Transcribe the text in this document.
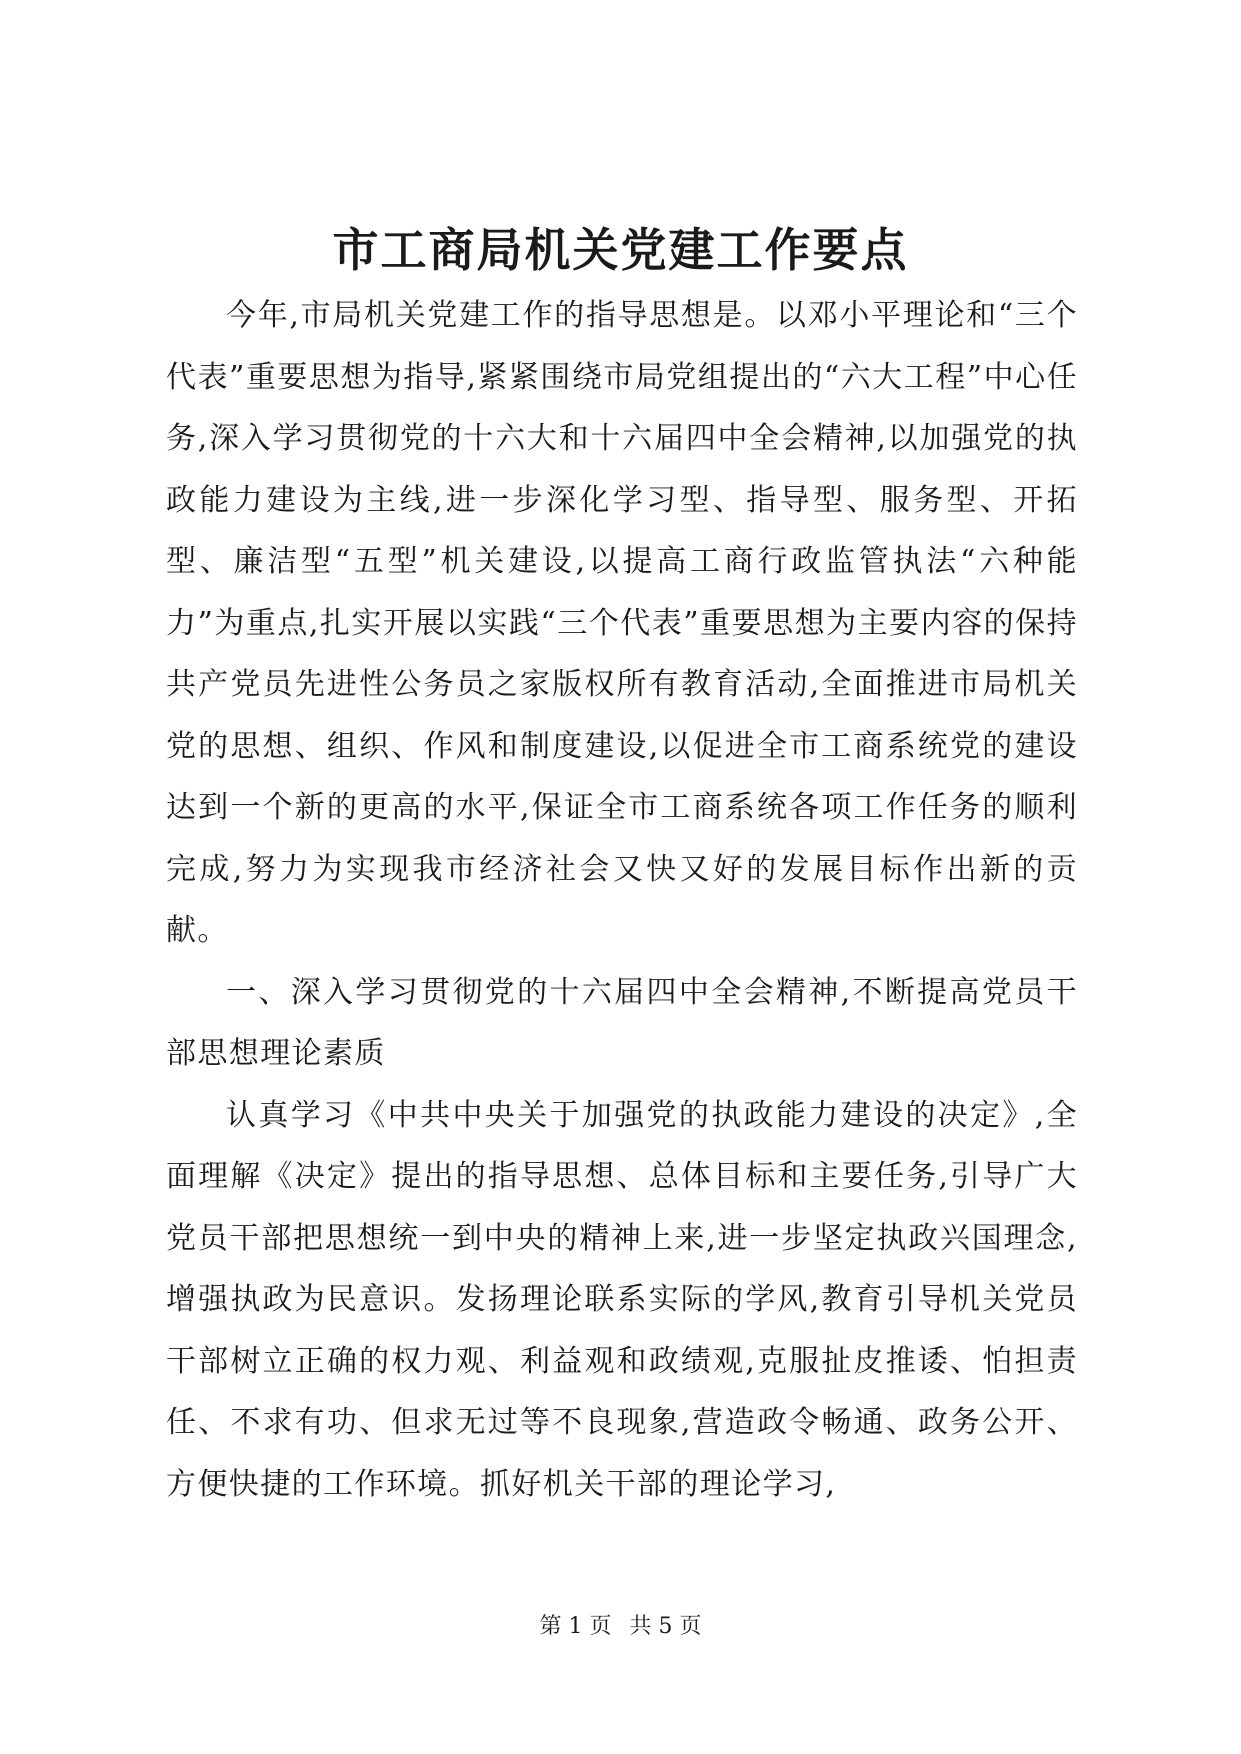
市工商局机关党建工作要点

今年,市局机关党建工作的指导思想是。以邓小平理论和“三个代表”重要思想为指导,紧紧围绕市局党组提出的“六大工程”中心任务,深入学习贯彻党的十六大和十六届四中全会精神,以加强党的执政能力建设为主线,进一步深化学习型、指导型、服务型、开拓型、廉洁型“五型”机关建设,以提高工商行政监管执法“六种能力”为重点,扎实开展以实践“三个代表”重要思想为主要内容的保持共产党员先进性公务员之家版权所有教育活动,全面推进市局机关党的思想、组织、作风和制度建设,以促进全市工商系统党的建设达到一个新的更高的水平,保证全市工商系统各项工作任务的顺利完成,努力为实现我市经济社会又快又好的发展目标作出新的贡献。

一、深入学习贯彻党的十六届四中全会精神,不断提高党员干部思想理论素质

认真学习《中共中央关于加强党的执政能力建设的决定》,全面理解《决定》提出的指导思想、总体目标和主要任务,引导广大党员干部把思想统一到中央的精神上来,进一步坚定执政兴国理念,增强执政为民意识。发扬理论联系实际的学风,教育引导机关党员干部树立正确的权力观、利益观和政绩观,克服扯皮推诿、怕担责任、不求有功、但求无过等不良现象,营造政令畅通、政务公开、方便快捷的工作环境。抓好机关干部的理论学习,

第 1 页 共 5 页
